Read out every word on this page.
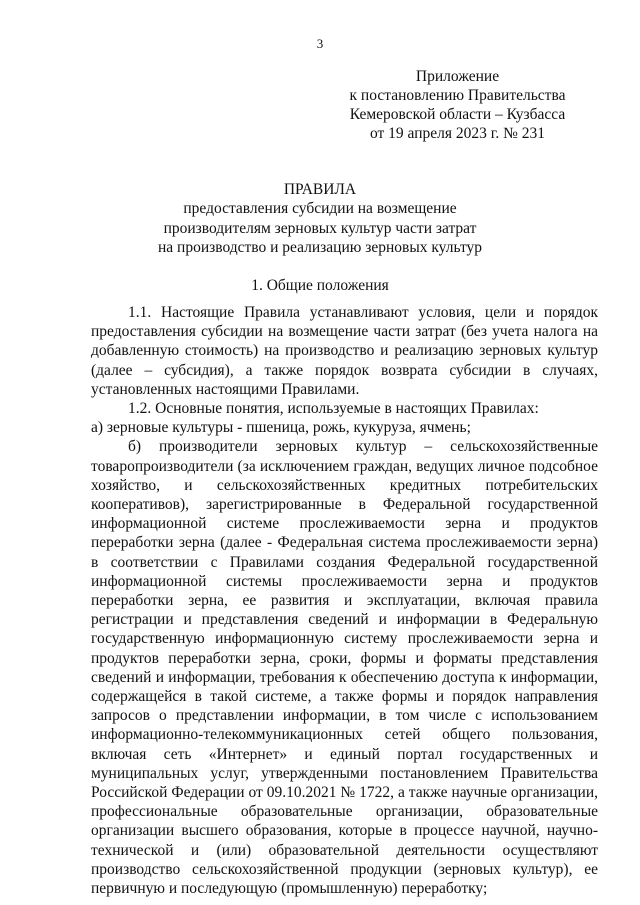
3
Приложение
к постановлению Правительства
Кемеровской области – Кузбасса
от 19 апреля 2023 г. № 231
ПРАВИЛА
предоставления субсидии на возмещение
производителям зерновых культур части затрат
на производство и реализацию зерновых культур
1. Общие положения

1.1. Настоящие Правила устанавливают условия, цели и порядок предоставления субсидии на возмещение части затрат (без учета налога на добавленную стоимость) на производство и реализацию зерновых культур (далее – субсидия), а также порядок возврата субсидии в случаях, установленных настоящими Правилами.

1.2. Основные понятия, используемые в настоящих Правилах:

а) зерновые культуры - пшеница, рожь, кукуруза, ячмень;

б) производители зерновых культур – сельскохозяйственные товаропроизводители (за исключением граждан, ведущих личное подсобное хозяйство, и сельскохозяйственных кредитных потребительских кооперативов), зарегистрированные в Федеральной государственной информационной системе прослеживаемости зерна и продуктов переработки зерна (далее - Федеральная система прослеживаемости зерна) в соответствии с Правилами создания Федеральной государственной информационной системы прослеживаемости зерна и продуктов переработки зерна, ее развития и эксплуатации, включая правила регистрации и представления сведений и информации в Федеральную государственную информационную систему прослеживаемости зерна и продуктов переработки зерна, сроки, формы и форматы представления сведений и информации, требования к обеспечению доступа к информации, содержащейся в такой системе, а также формы и порядок направления запросов о представлении информации, в том числе с использованием информационно-телекоммуникационных сетей общего пользования, включая сеть «Интернет» и единый портал государственных и муниципальных услуг, утвержденными постановлением Правительства Российской Федерации от 09.10.2021 № 1722, а также научные организации, профессиональные образовательные организации, образовательные организации высшего образования, которые в процессе научной, научно-технической и (или) образовательной деятельности осуществляют производство сельскохозяйственной продукции (зерновых культур), ее первичную и последующую (промышленную) переработку;
